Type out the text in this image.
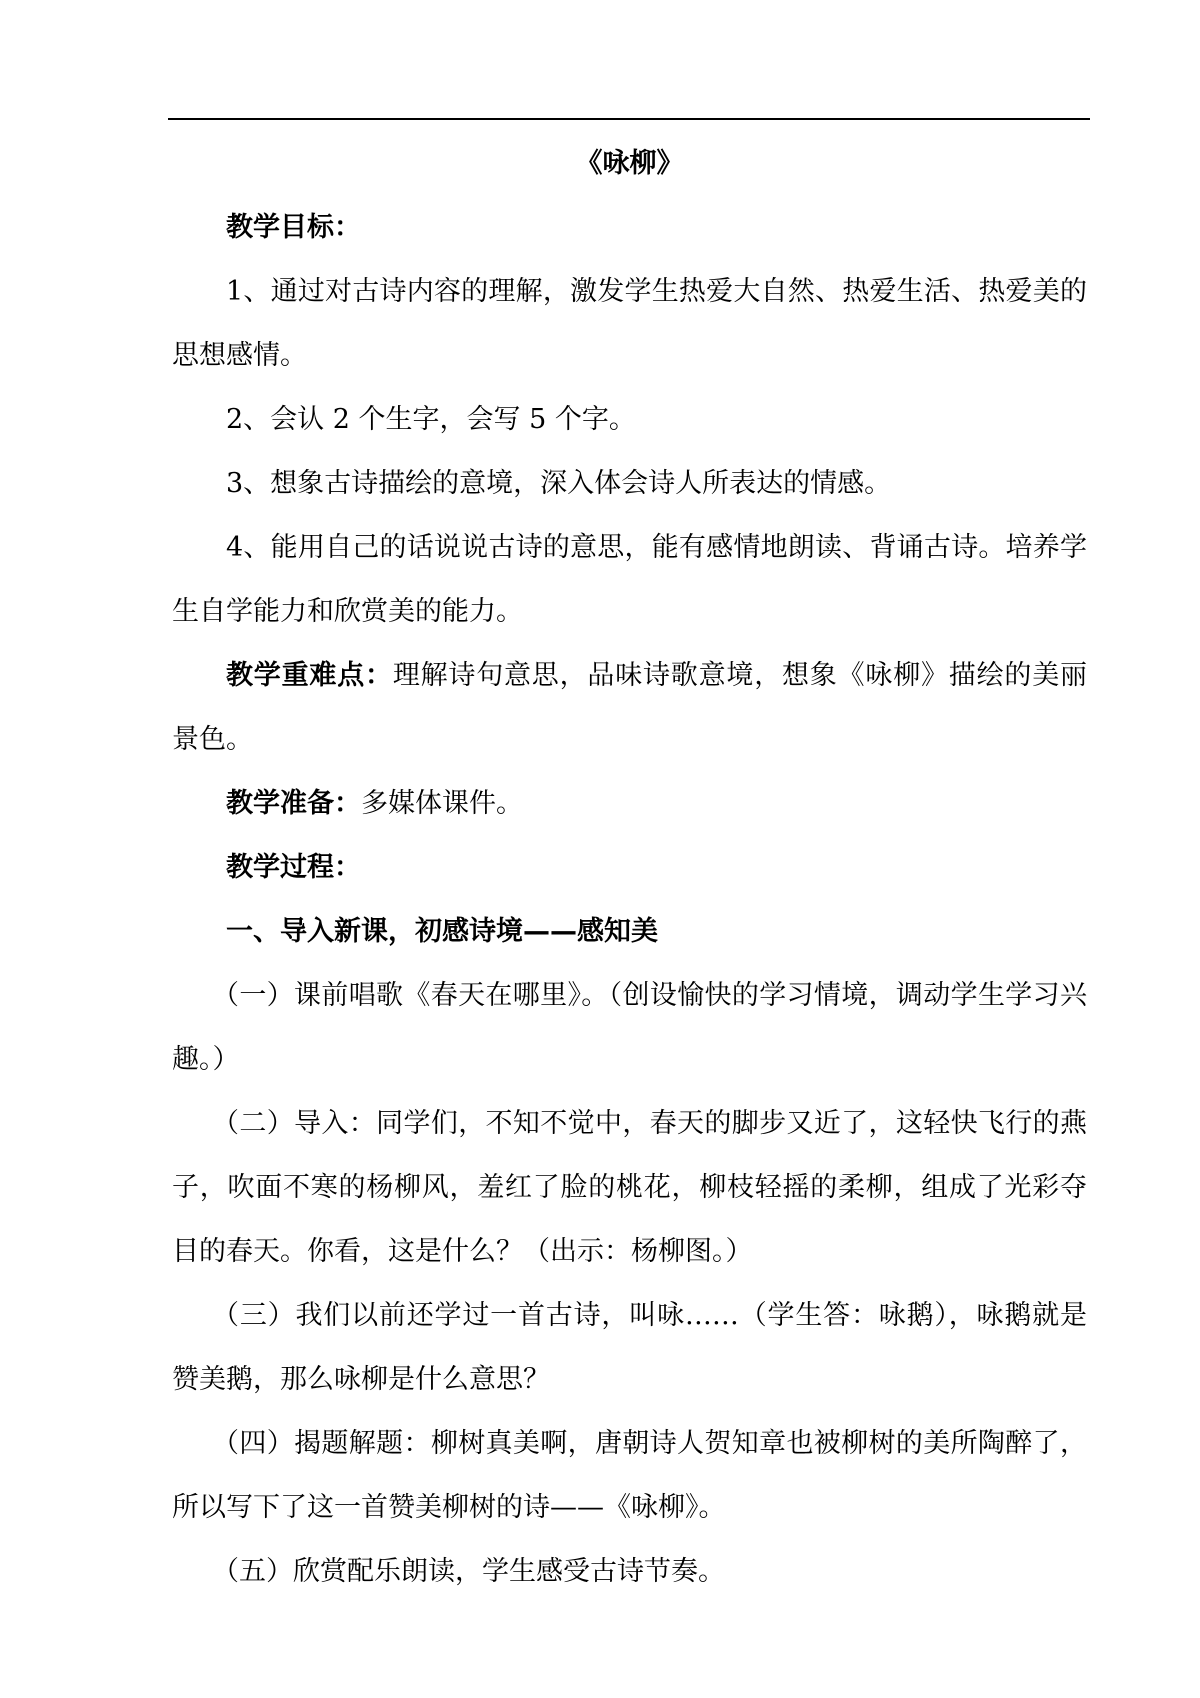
《咏柳》

教学目标：

1、通过对古诗内容的理解，激发学生热爱大自然、热爱生活、热爱美的思想感情。

2、会认 2 个生字，会写 5 个字。

3、想象古诗描绘的意境，深入体会诗人所表达的情感。

4、能用自己的话说说古诗的意思，能有感情地朗读、背诵古诗。培养学生自学能力和欣赏美的能力。

教学重难点：理解诗句意思，品味诗歌意境，想象《咏柳》描绘的美丽景色。

教学准备：多媒体课件。

教学过程：

一、导入新课，初感诗境——感知美

（一）课前唱歌《春天在哪里》。（创设愉快的学习情境，调动学生学习兴趣。）

（二）导入：同学们，不知不觉中，春天的脚步又近了，这轻快飞行的燕子，吹面不寒的杨柳风，羞红了脸的桃花，柳枝轻摇的柔柳，组成了光彩夺目的春天。你看，这是什么？（出示：杨柳图。）

（三）我们以前还学过一首古诗，叫咏……（学生答：咏鹅），咏鹅就是赞美鹅，那么咏柳是什么意思？

（四）揭题解题：柳树真美啊，唐朝诗人贺知章也被柳树的美所陶醉了，所以写下了这一首赞美柳树的诗——《咏柳》。

（五）欣赏配乐朗读，学生感受古诗节奏。
